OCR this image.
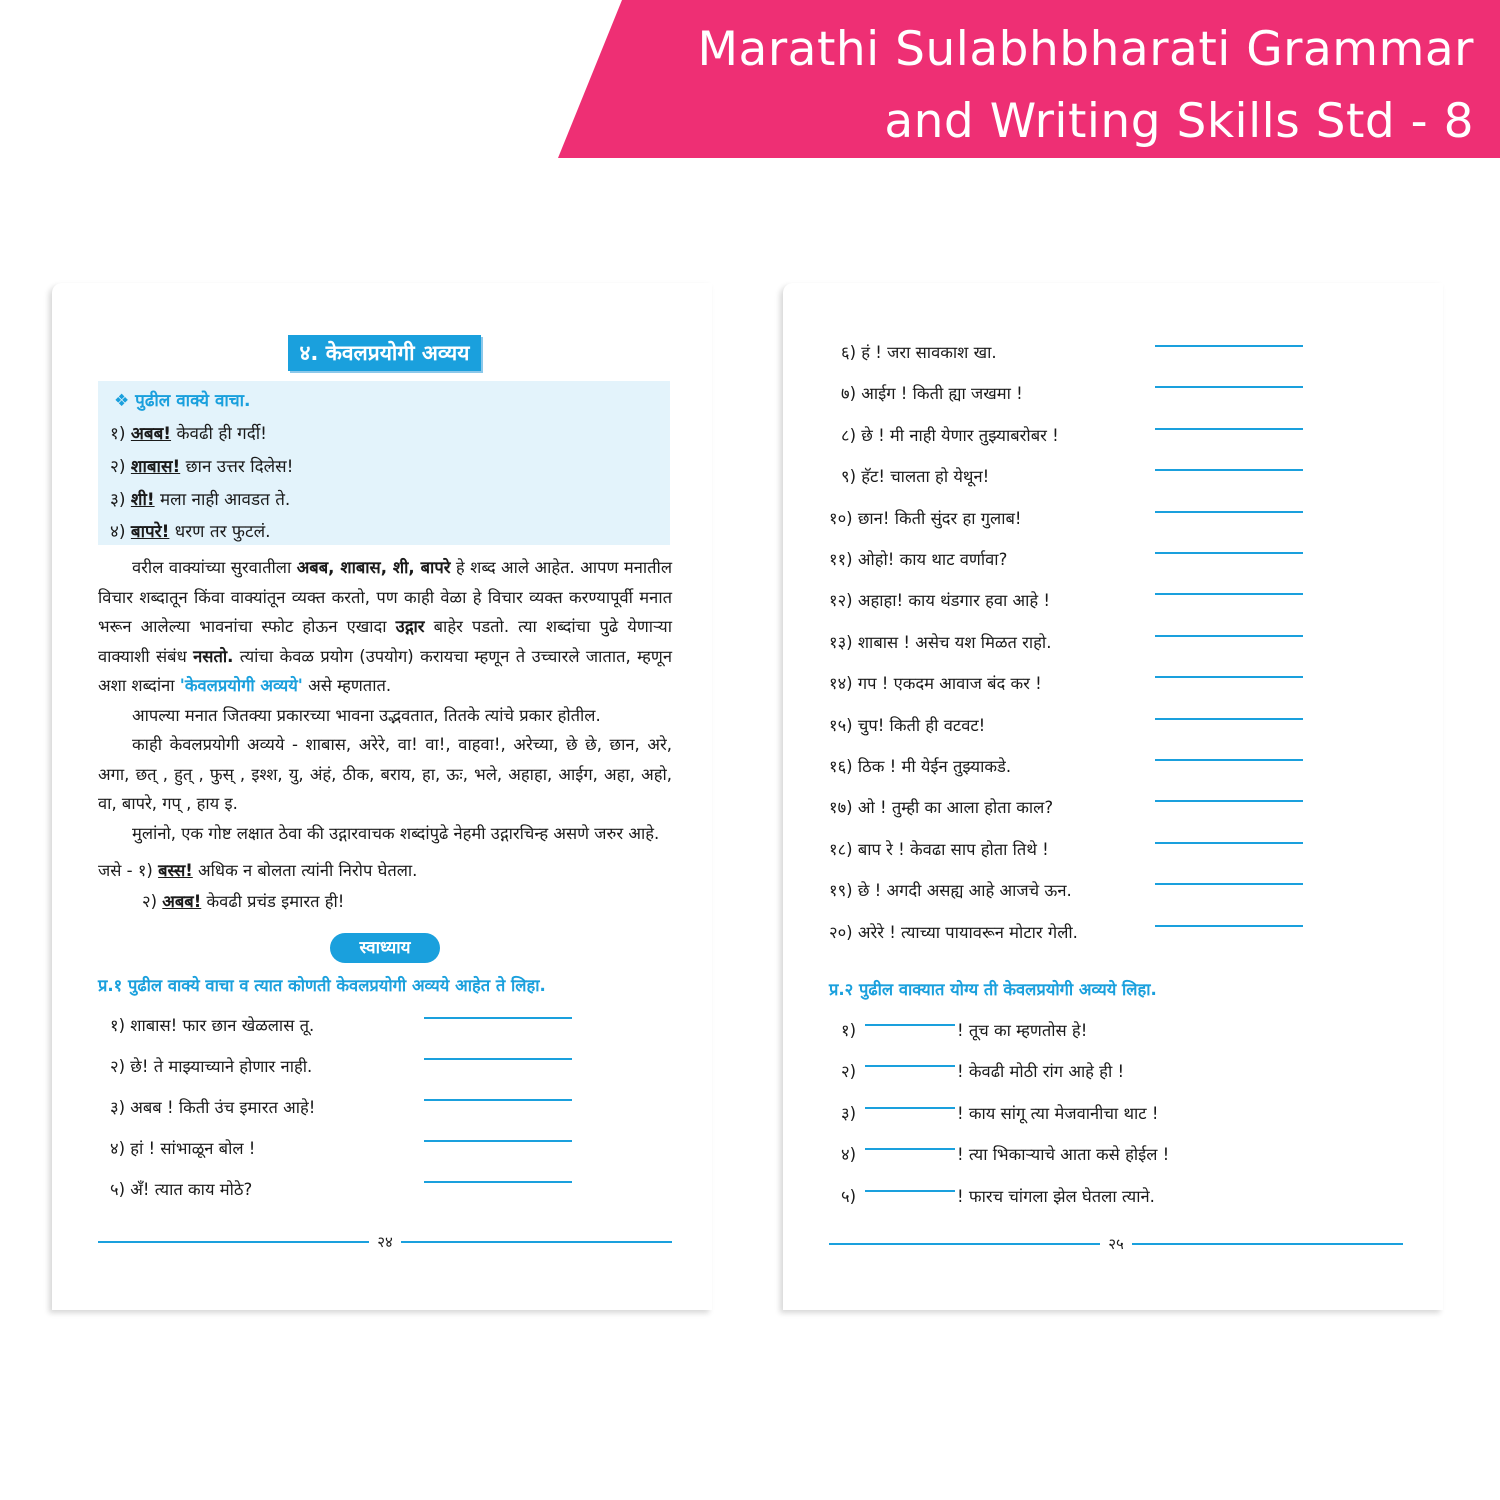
Marathi Sulabhbharati Grammar
and Writing Skills Std - 8
४. केवलप्रयोगी अव्यय
❖ पुढील वाक्ये वाचा.
१) अबब! केवढी ही गर्दी!
२) शाबास! छान उत्तर दिलेस!
३) शी! मला नाही आवडत ते.
४) बापरे! धरण तर फुटलं.

वरील वाक्यांच्या सुरवातीला अबब, शाबास, शी, बापरे हे शब्द आले आहेत. आपण मनातील विचार शब्दातून किंवा वाक्यांतून व्यक्त करतो, पण काही वेळा हे विचार व्यक्त करण्यापूर्वी मनात भरून आलेल्या भावनांचा स्फोट होऊन एखादा उद्गार बाहेर पडतो. त्या शब्दांचा पुढे येणाऱ्या वाक्याशी संबंध नसतो. त्यांचा केवळ प्रयोग (उपयोग) करायचा म्हणून ते उच्चारले जातात, म्हणून अशा शब्दांना 'केवलप्रयोगी अव्यये' असे म्हणतात.

आपल्या मनात जितक्या प्रकारच्या भावना उद्भवतात, तितके त्यांचे प्रकार होतील.

काही केवलप्रयोगी अव्यये - शाबास, अरेरे, वा! वा!, वाहवा!, अरेच्या, छे छे, छान, अरे, अगा, छत् , हुत् , फुस् , इश्श, यु, अंहं, ठीक, बराय, हा, ऊः, भले, अहाहा, आईग, अहा, अहो, वा, बापरे, गप् , हाय इ.

मुलांनो, एक गोष्ट लक्षात ठेवा की उद्गारवाचक शब्दांपुढे नेहमी उद्गारचिन्ह असणे जरुर आहे.

जसे - १) बस्स! अधिक न बोलता त्यांनी निरोप घेतला.
२) अबब! केवढी प्रचंड इमारत ही!
स्वाध्याय
प्र.१ पुढील वाक्ये वाचा व त्यात कोणती केवलप्रयोगी अव्यये आहेत ते लिहा.
१) शाबास! फार छान खेळलास तू.
२) छे! ते माझ्याच्याने होणार नाही.
३) अबब ! किती उंच इमारत आहे!
४) हां ! सांभाळून बोल !
५) अँ! त्यात काय मोठे?
२४
६) हं ! जरा सावकाश खा.
७) आईग ! किती ह्या जखमा !
८) छे ! मी नाही येणार तुझ्याबरोबर !
९) हॅट! चालता हो येथून!
१०) छान! किती सुंदर हा गुलाब!
११) ओहो! काय थाट वर्णावा?
१२) अहाहा! काय थंडगार हवा आहे !
१३) शाबास ! असेच यश मिळत राहो.
१४) गप ! एकदम आवाज बंद कर !
१५) चुप! किती ही वटवट!
१६) ठिक ! मी येईन तुझ्याकडे.
१७) ओ ! तुम्ही का आला होता काल?
१८) बाप रे ! केवढा साप होता तिथे !
१९) छे ! अगदी असह्य आहे आजचे ऊन.
२०) अरेरे ! त्याच्या पायावरून मोटार गेली.
प्र.२ पुढील वाक्यात योग्य ती केवलप्रयोगी अव्यये लिहा.
१)	! तूच का म्हणतोस हे!
२)	! केवढी मोठी रांग आहे ही !
३)	! काय सांगू त्या मेजवानीचा थाट !
४)	! त्या भिकाऱ्याचे आता कसे होईल !
५)	! फारच चांगला झेल घेतला त्याने.
२५
